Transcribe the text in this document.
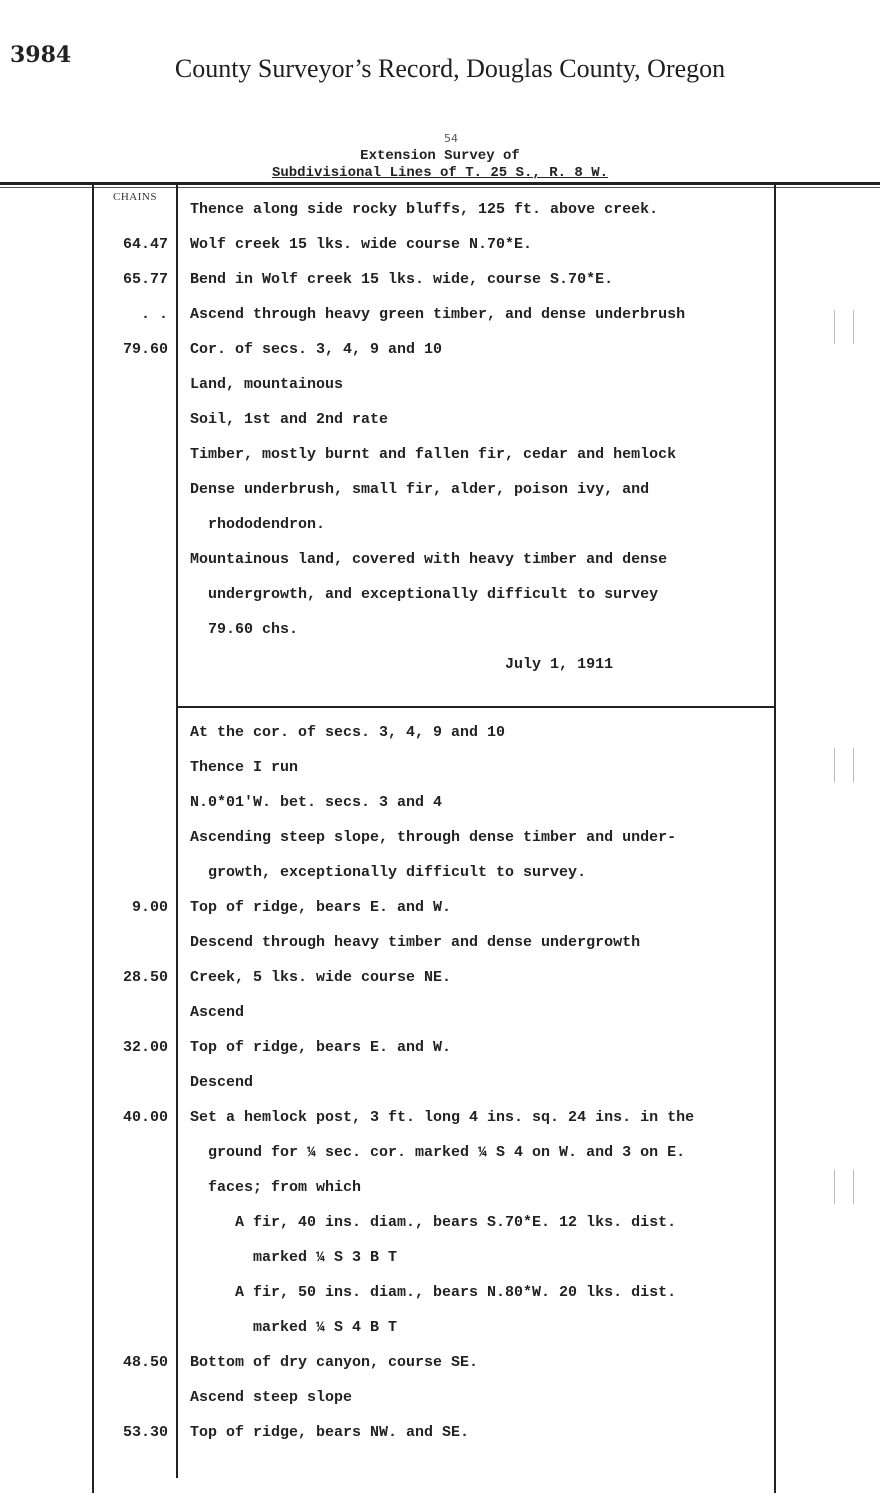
3984	County Surveyor’s Record, Douglas County, Oregon
54
Extension Survey of
Subdivisional Lines of T. 25 S., R. 8 W.
CHAINS
Thence along side rocky bluffs, 125 ft. above creek.
64.47 Wolf creek 15 lks. wide course N.70*E.
65.77 Bend in Wolf creek 15 lks. wide, course S.70*E.
. . Ascend through heavy green timber, and dense underbrush
79.60 Cor. of secs. 3, 4, 9 and 10
Land, mountainous
Soil, 1st and 2nd rate
Timber, mostly burnt and fallen fir, cedar and hemlock
Dense underbrush, small fir, alder, poison ivy, and
rhododendron.
Mountainous land, covered with heavy timber and dense
undergrowth, and exceptionally difficult to survey
79.60 chs.
July 1, 1911
At the cor. of secs. 3, 4, 9 and 10
Thence I run
N.0*01'W. bet. secs. 3 and 4
Ascending steep slope, through dense timber and under-
growth, exceptionally difficult to survey.
9.00 Top of ridge, bears E. and W.
Descend through heavy timber and dense undergrowth
28.50 Creek, 5 lks. wide course NE.
Ascend
32.00 Top of ridge, bears E. and W.
Descend
40.00 Set a hemlock post, 3 ft. long 4 ins. sq. 24 ins. in the
ground for ¼ sec. cor. marked ¼ S 4 on W. and 3 on E.
faces; from which
A fir, 40 ins. diam., bears S.70*E. 12 lks. dist.
marked ¼ S 3 B T
A fir, 50 ins. diam., bears N.80*W. 20 lks. dist.
marked ¼ S 4 B T
48.50 Bottom of dry canyon, course SE.
Ascend steep slope
53.30 Top of ridge, bears NW. and SE.
